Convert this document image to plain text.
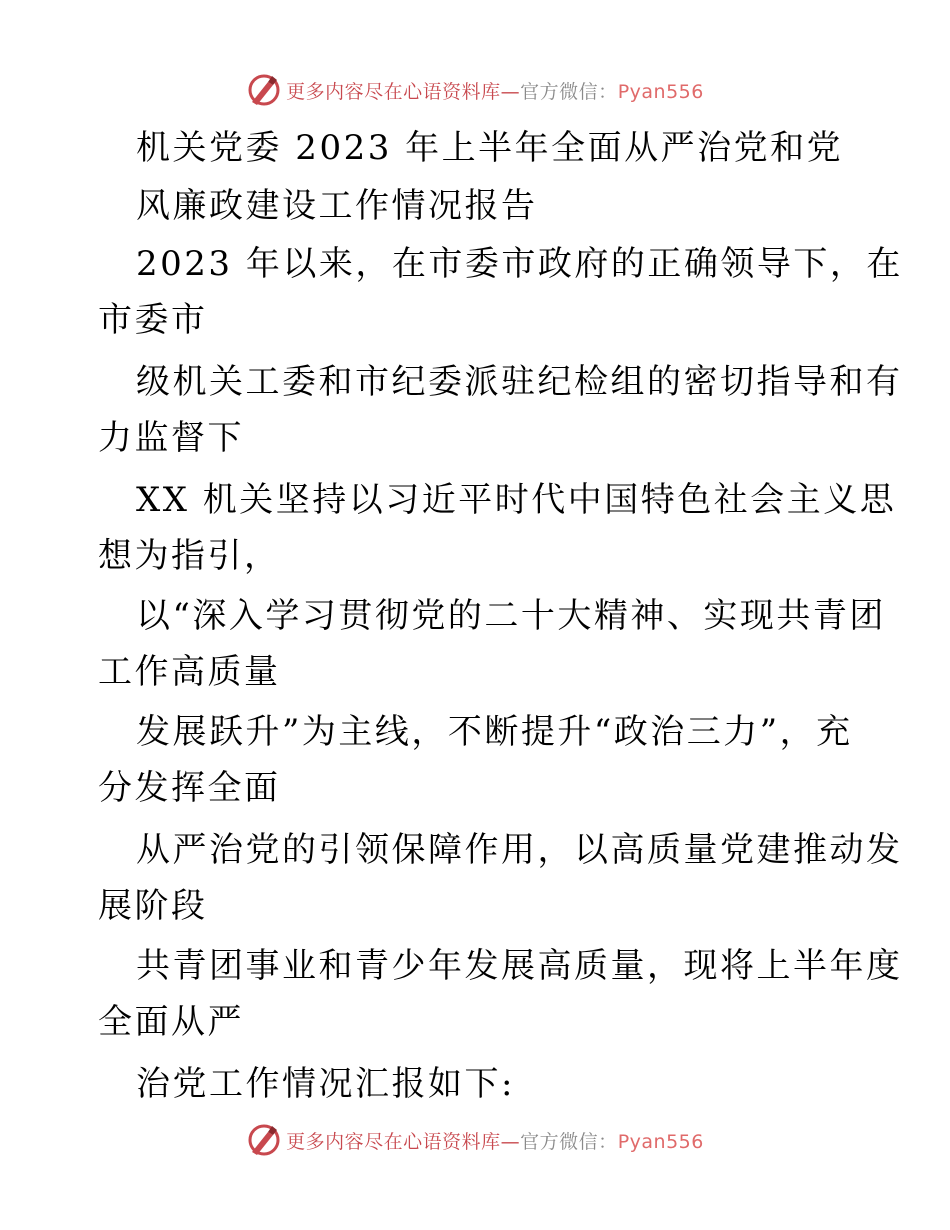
更多内容尽在心语资料库—官方微信：Pyan556
机关党委 2023 年上半年全面从严治党和党
风廉政建设工作情况报告
2023 年以来，在市委市政府的正确领导下，在
市委市
级机关工委和市纪委派驻纪检组的密切指导和有
力监督下
XX 机关坚持以习近平时代中国特色社会主义思
想为指引，
以“深入学习贯彻党的二十大精神、实现共青团
工作高质量
发展跃升”为主线，不断提升“政治三力”，充
分发挥全面
从严治党的引领保障作用，以高质量党建推动发
展阶段
共青团事业和青少年发展高质量，现将上半年度
全面从严
治党工作情况汇报如下:
更多内容尽在心语资料库—官方微信：Pyan556
